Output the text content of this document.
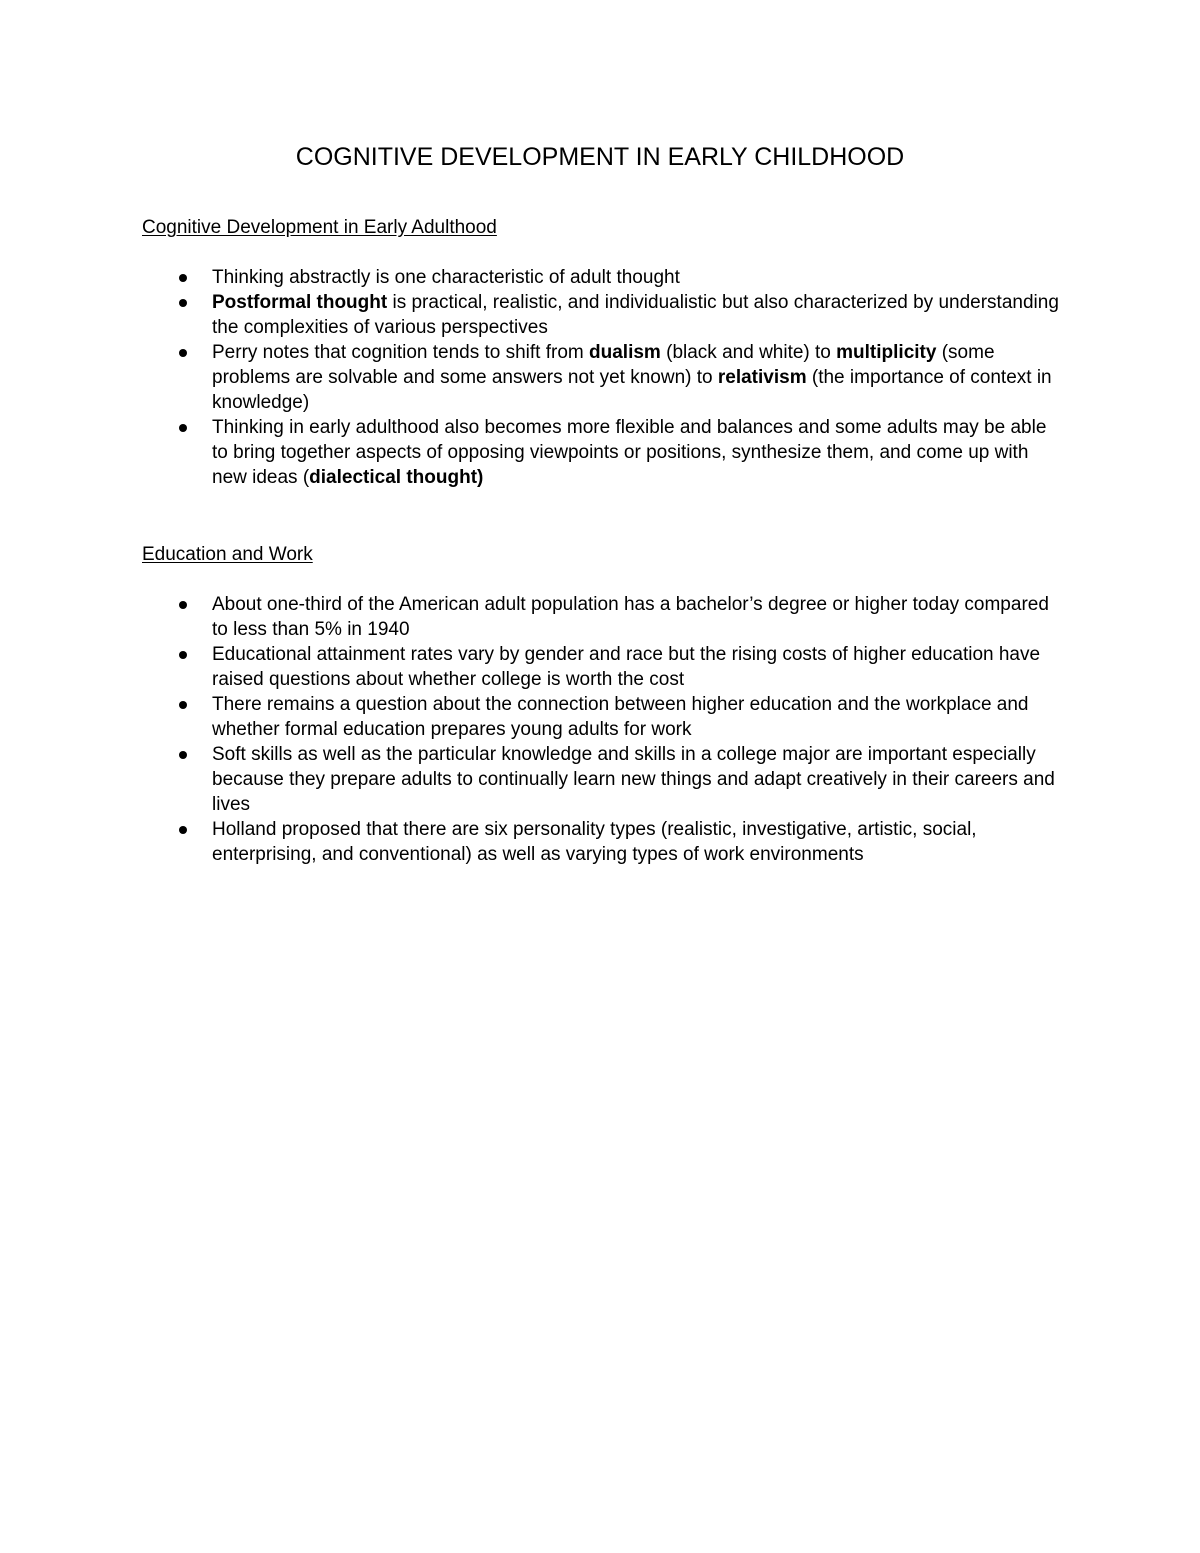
COGNITIVE DEVELOPMENT IN EARLY CHILDHOOD
Cognitive Development in Early Adulthood
Thinking abstractly is one characteristic of adult thought
Postformal thought is practical, realistic, and individualistic but also characterized by understanding the complexities of various perspectives
Perry notes that cognition tends to shift from dualism (black and white) to multiplicity (some problems are solvable and some answers not yet known) to relativism (the importance of context in knowledge)
Thinking in early adulthood also becomes more flexible and balances and some adults may be able to bring together aspects of opposing viewpoints or positions, synthesize them, and come up with new ideas (dialectical thought)
Education and Work
About one-third of the American adult population has a bachelor’s degree or higher today compared to less than 5% in 1940
Educational attainment rates vary by gender and race but the rising costs of higher education have raised questions about whether college is worth the cost
There remains a question about the connection between higher education and the workplace and whether formal education prepares young adults for work
Soft skills as well as the particular knowledge and skills in a college major are important especially because they prepare adults to continually learn new things and adapt creatively in their careers and lives
Holland proposed that there are six personality types (realistic, investigative, artistic, social, enterprising, and conventional) as well as varying types of work environments
